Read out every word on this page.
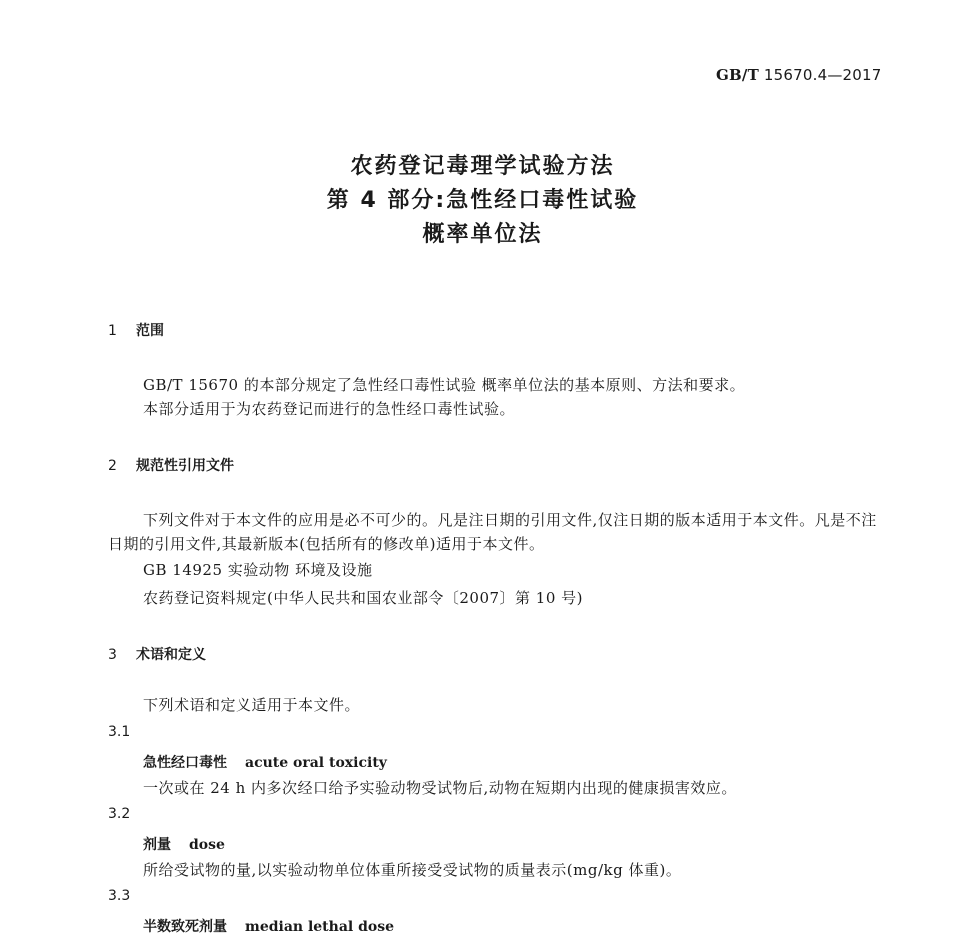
GB/T 15670.4—2017
农药登记毒理学试验方法
第 4 部分:急性经口毒性试验
概率单位法
1 范围
GB/T 15670 的本部分规定了急性经口毒性试验 概率单位法的基本原则、方法和要求。
本部分适用于为农药登记而进行的急性经口毒性试验。
2 规范性引用文件
下列文件对于本文件的应用是必不可少的。凡是注日期的引用文件,仅注日期的版本适用于本文件。凡是不注日期的引用文件,其最新版本(包括所有的修改单)适用于本文件。
GB 14925 实验动物 环境及设施
农药登记资料规定(中华人民共和国农业部令〔2007〕第 10 号)
3 术语和定义
下列术语和定义适用于本文件。
3.1
急性经口毒性 acute oral toxicity
一次或在 24 h 内多次经口给予实验动物受试物后,动物在短期内出现的健康损害效应。
3.2
剂量 dose
所给受试物的量,以实验动物单位体重所接受受试物的质量表示(mg/kg 体重)。
3.3
半数致死剂量 median lethal dose
